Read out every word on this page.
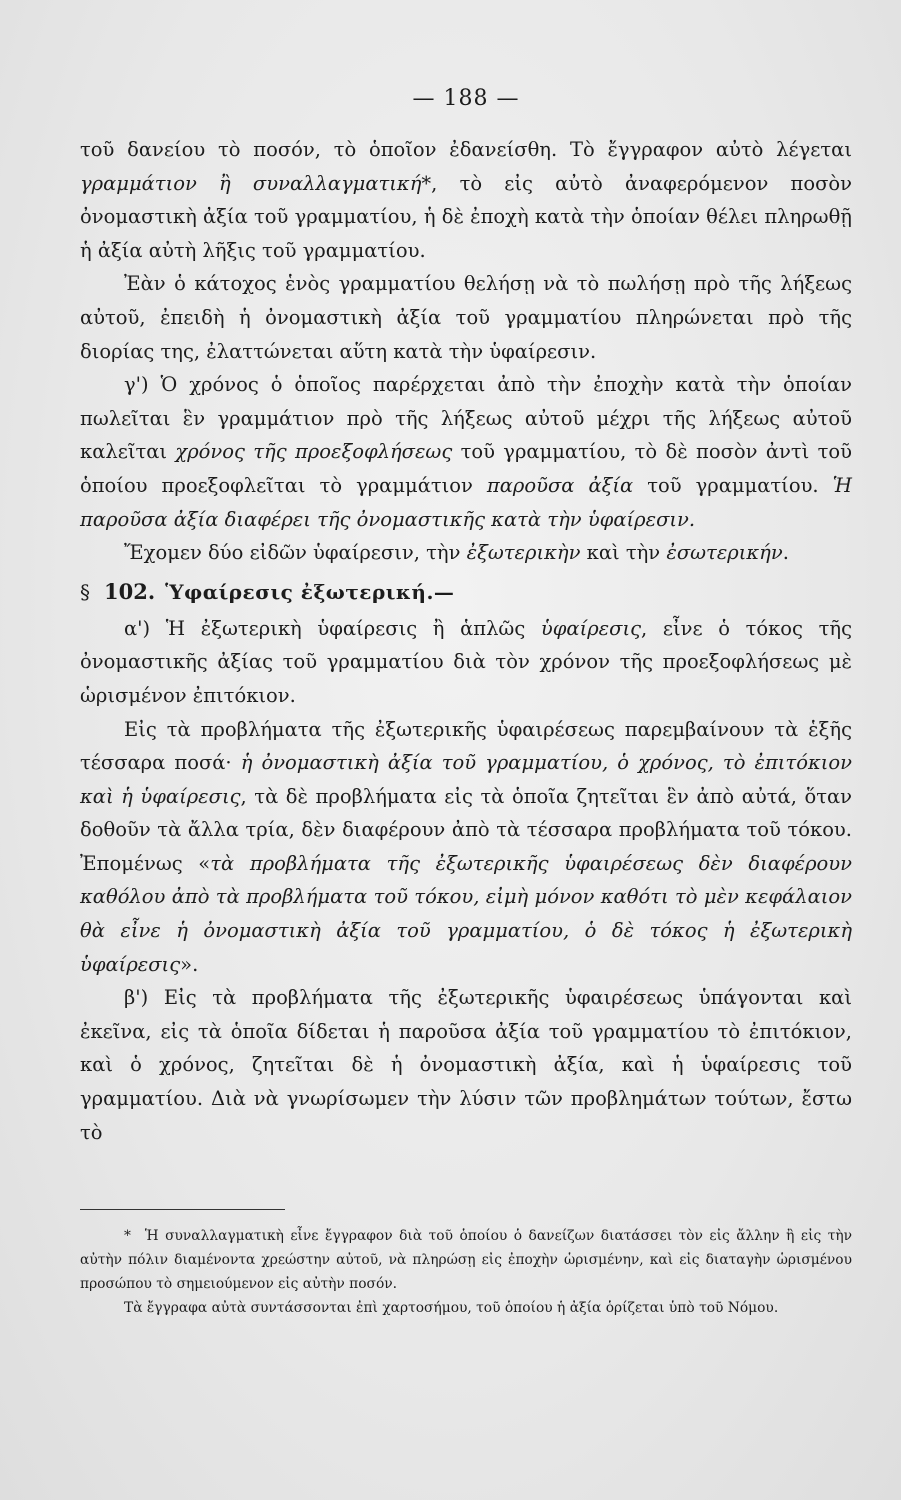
— 188 —

τοῦ δανείου τὸ ποσόν, τὸ ὁποῖον ἐδανείσθη. Τὸ ἔγγραφον αὐτὸ λέγεται γραμμάτιον ἢ συναλλαγματική*, τὸ εἰς αὐτὸ ἀναφερόμενον ποσὸν ὀνομαστικὴ ἀξία τοῦ γραμματίου, ἡ δὲ ἐποχὴ κατὰ τὴν ὁποίαν θέλει πληρωθῇ ἡ ἀξία αὐτὴ λῆξις τοῦ γραμματίου.

Ἐὰν ὁ κάτοχος ἑνὸς γραμματίου θελήσῃ νὰ τὸ πωλήσῃ πρὸ τῆς λήξεως αὐτοῦ, ἐπειδὴ ἡ ὀνομαστικὴ ἀξία τοῦ γραμματίου πληρώνεται πρὸ τῆς διορίας της, ἐλαττώνεται αὕτη κατὰ τὴν ὑφαίρεσιν.

γ') Ὁ χρόνος ὁ ὁποῖος παρέρχεται ἀπὸ τὴν ἐποχὴν κατὰ τὴν ὁποίαν πωλεῖται ἓν γραμμάτιον πρὸ τῆς λήξεως αὐτοῦ μέχρι τῆς λήξεως αὐτοῦ καλεῖται χρόνος τῆς προεξοφλήσεως τοῦ γραμματίου, τὸ δὲ ποσὸν ἀντὶ τοῦ ὁποίου προεξοφλεῖται τὸ γραμμάτιον παροῦσα ἀξία τοῦ γραμματίου. Ἡ παροῦσα ἀξία διαφέρει τῆς ὀνομαστικῆς κατὰ τὴν ὑφαίρεσιν.

Ἔχομεν δύο εἰδῶν ὑφαίρεσιν, τὴν ἐξωτερικὴν καὶ τὴν ἐσωτερικήν.

§ 102. Ὑφαίρεσις ἐξωτερική.—

α') Ἡ ἐξωτερικὴ ὑφαίρεσις ἢ ἁπλῶς ὑφαίρεσις, εἶνε ὁ τόκος τῆς ὀνομαστικῆς ἀξίας τοῦ γραμματίου διὰ τὸν χρόνον τῆς προεξοφλήσεως μὲ ὡρισμένον ἐπιτόκιον.

Εἰς τὰ προβλήματα τῆς ἐξωτερικῆς ὑφαιρέσεως παρεμβαίνουν τὰ ἑξῆς τέσσαρα ποσά· ἡ ὀνομαστικὴ ἀξία τοῦ γραμματίου, ὁ χρόνος, τὸ ἐπιτόκιον καὶ ἡ ὑφαίρεσις, τὰ δὲ προβλήματα εἰς τὰ ὁποῖα ζητεῖται ἓν ἀπὸ αὐτά, ὅταν δοθοῦν τὰ ἄλλα τρία, δὲν διαφέρουν ἀπὸ τὰ τέσσαρα προβλήματα τοῦ τόκου. Ἐπομένως «τὰ προβλήματα τῆς ἐξωτερικῆς ὑφαιρέσεως δὲν διαφέρουν καθόλου ἀπὸ τὰ προβλήματα τοῦ τόκου, εἰμὴ μόνον καθότι τὸ μὲν κεφάλαιον θὰ εἶνε ἡ ὀνομαστικὴ ἀξία τοῦ γραμματίου, ὁ δὲ τόκος ἡ ἐξωτερικὴ ὑφαίρεσις».

β') Εἰς τὰ προβλήματα τῆς ἐξωτερικῆς ὑφαιρέσεως ὑπάγονται καὶ ἐκεῖνα, εἰς τὰ ὁποῖα δίδεται ἡ παροῦσα ἀξία τοῦ γραμματίου τὸ ἐπιτόκιον, καὶ ὁ χρόνος, ζητεῖται δὲ ἡ ὀνομαστικὴ ἀξία, καὶ ἡ ὑφαίρεσις τοῦ γραμματίου. Διὰ νὰ γνωρίσωμεν τὴν λύσιν τῶν προβλημάτων τούτων, ἔστω τὸ

* Ἡ συναλλαγματικὴ εἶνε ἔγγραφον διὰ τοῦ ὁποίου ὁ δανείζων διατάσσει τὸν εἰς ἄλλην ἢ εἰς τὴν αὐτὴν πόλιν διαμένοντα χρεώστην αὐτοῦ, νὰ πληρώσῃ εἰς ἐποχὴν ὡρισμένην, καὶ εἰς διαταγὴν ὡρισμένου προσώπου τὸ σημειούμενον εἰς αὐτὴν ποσόν.

Τὰ ἔγγραφα αὐτὰ συντάσσονται ἐπὶ χαρτοσήμου, τοῦ ὁποίου ἡ ἀξία ὁρίζεται ὑπὸ τοῦ Νόμου.
